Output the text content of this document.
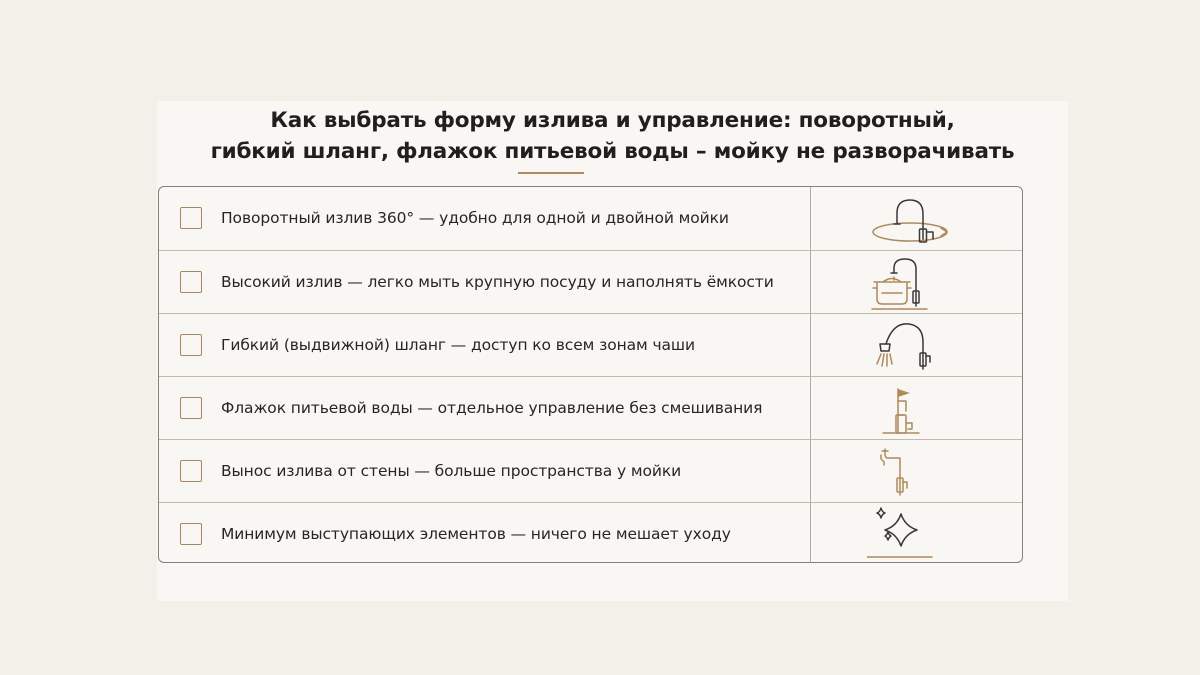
Как выбрать форму излива и управление: поворотный,
гибкий шланг, флажок питьевой воды – мойку не разворачивать
Поворотный излив 360° — удобно для одной и двойной мойки
Высокий излив — легко мыть крупную посуду и наполнять ёмкости
Гибкий (выдвижной) шланг — доступ ко всем зонам чаши
Флажок питьевой воды — отдельное управление без смешивания
Вынос излива от стены — больше пространства у мойки
Минимум выступающих элементов — ничего не мешает уходу
